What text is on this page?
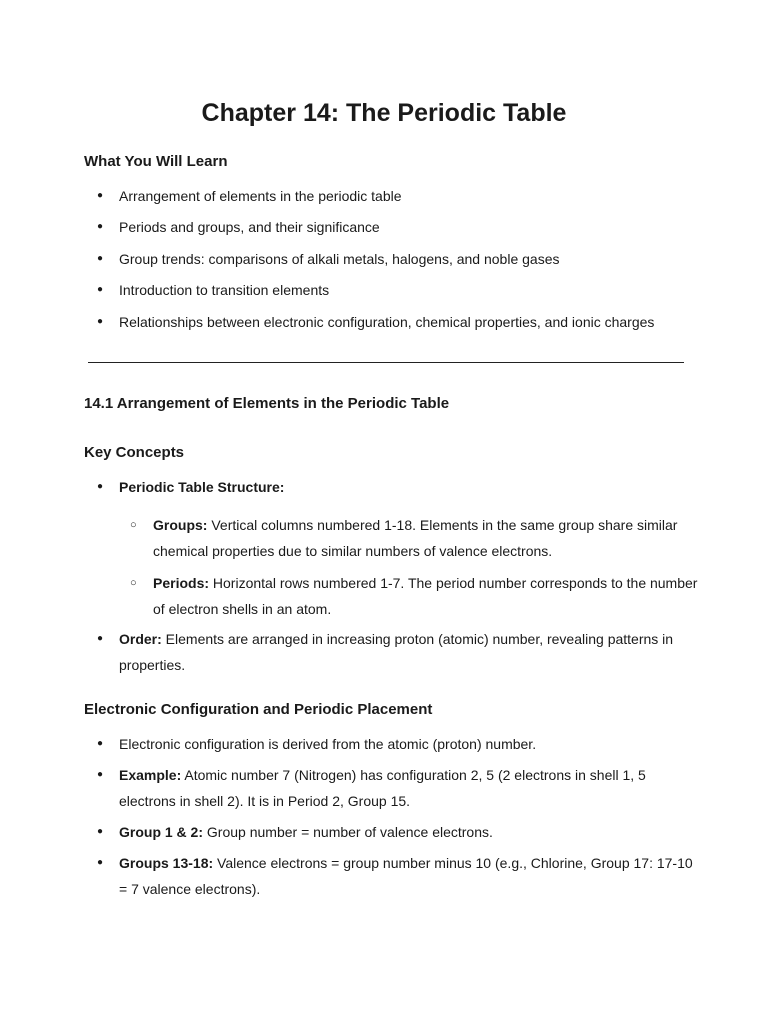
Chapter 14: The Periodic Table
What You Will Learn
● Arrangement of elements in the periodic table
● Periods and groups, and their significance
● Group trends: comparisons of alkali metals, halogens, and noble gases
● Introduction to transition elements
● Relationships between electronic configuration, chemical properties, and ionic charges
14.1 Arrangement of Elements in the Periodic Table
Key Concepts
● Periodic Table Structure:
○ Groups: Vertical columns numbered 1-18. Elements in the same group share similar chemical properties due to similar numbers of valence electrons.
○ Periods: Horizontal rows numbered 1-7. The period number corresponds to the number of electron shells in an atom.
● Order: Elements are arranged in increasing proton (atomic) number, revealing patterns in properties.
Electronic Configuration and Periodic Placement
● Electronic configuration is derived from the atomic (proton) number.
● Example: Atomic number 7 (Nitrogen) has configuration 2, 5 (2 electrons in shell 1, 5 electrons in shell 2). It is in Period 2, Group 15.
● Group 1 & 2: Group number = number of valence electrons.
● Groups 13-18: Valence electrons = group number minus 10 (e.g., Chlorine, Group 17: 17-10 = 7 valence electrons).
